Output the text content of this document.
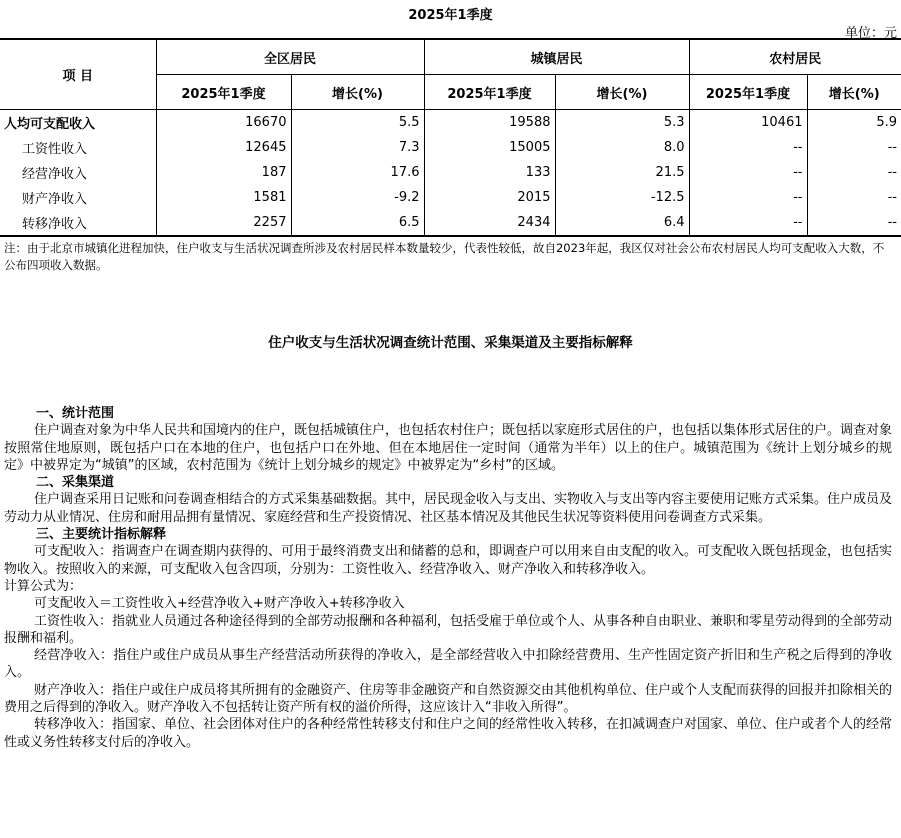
2025年1季度
单位：元
项 目	全区居民		城镇居民		农村居民	
	2025年1季度	增长(%)	2025年1季度	增长(%)	2025年1季度	增长(%)
人均可支配收入	16670	5.5	19588	5.3	10461	5.9
工资性收入	12645	7.3	15005	8.0	--	--
经营净收入	187	17.6	133	21.5	--	--
财产净收入	1581	-9.2	2015	-12.5	--	--
转移净收入	2257	6.5	2434	6.4	--	--
注：由于北京市城镇化进程加快，住户收支与生活状况调查所涉及农村居民样本数量较少，代表性较低，故自2023年起，我区仅对社会公布农村居民人均可支配收入大数，不公布四项收入数据。
住户收支与生活状况调查统计范围、采集渠道及主要指标解释

一、统计范围

住户调查对象为中华人民共和国境内的住户，既包括城镇住户，也包括农村住户；既包括以家庭形式居住的户，也包括以集体形式居住的户。调查对象按照常住地原则，既包括户口在本地的住户，也包括户口在外地、但在本地居住一定时间（通常为半年）以上的住户。城镇范围为《统计上划分城乡的规定》中被界定为“城镇”的区域，农村范围为《统计上划分城乡的规定》中被界定为“乡村”的区域。

二、采集渠道

住户调查采用日记账和问卷调查相结合的方式采集基础数据。其中，居民现金收入与支出、实物收入与支出等内容主要使用记账方式采集。住户成员及劳动力从业情况、住房和耐用品拥有量情况、家庭经营和生产投资情况、社区基本情况及其他民生状况等资料使用问卷调查方式采集。

三、主要统计指标解释

可支配收入：指调查户在调查期内获得的、可用于最终消费支出和储蓄的总和，即调查户可以用来自由支配的收入。可支配收入既包括现金，也包括实物收入。按照收入的来源，可支配收入包含四项，分别为：工资性收入、经营净收入、财产净收入和转移净收入。

计算公式为：

可支配收入＝工资性收入+经营净收入+财产净收入+转移净收入

工资性收入：指就业人员通过各种途径得到的全部劳动报酬和各种福利，包括受雇于单位或个人、从事各种自由职业、兼职和零星劳动得到的全部劳动报酬和福利。

经营净收入：指住户或住户成员从事生产经营活动所获得的净收入，是全部经营收入中扣除经营费用、生产性固定资产折旧和生产税之后得到的净收入。

财产净收入：指住户或住户成员将其所拥有的金融资产、住房等非金融资产和自然资源交由其他机构单位、住户或个人支配而获得的回报并扣除相关的费用之后得到的净收入。财产净收入不包括转让资产所有权的溢价所得，这应该计入“非收入所得”。

转移净收入：指国家、单位、社会团体对住户的各种经常性转移支付和住户之间的经常性收入转移，在扣减调查户对国家、单位、住户或者个人的经常性或义务性转移支付后的净收入。
